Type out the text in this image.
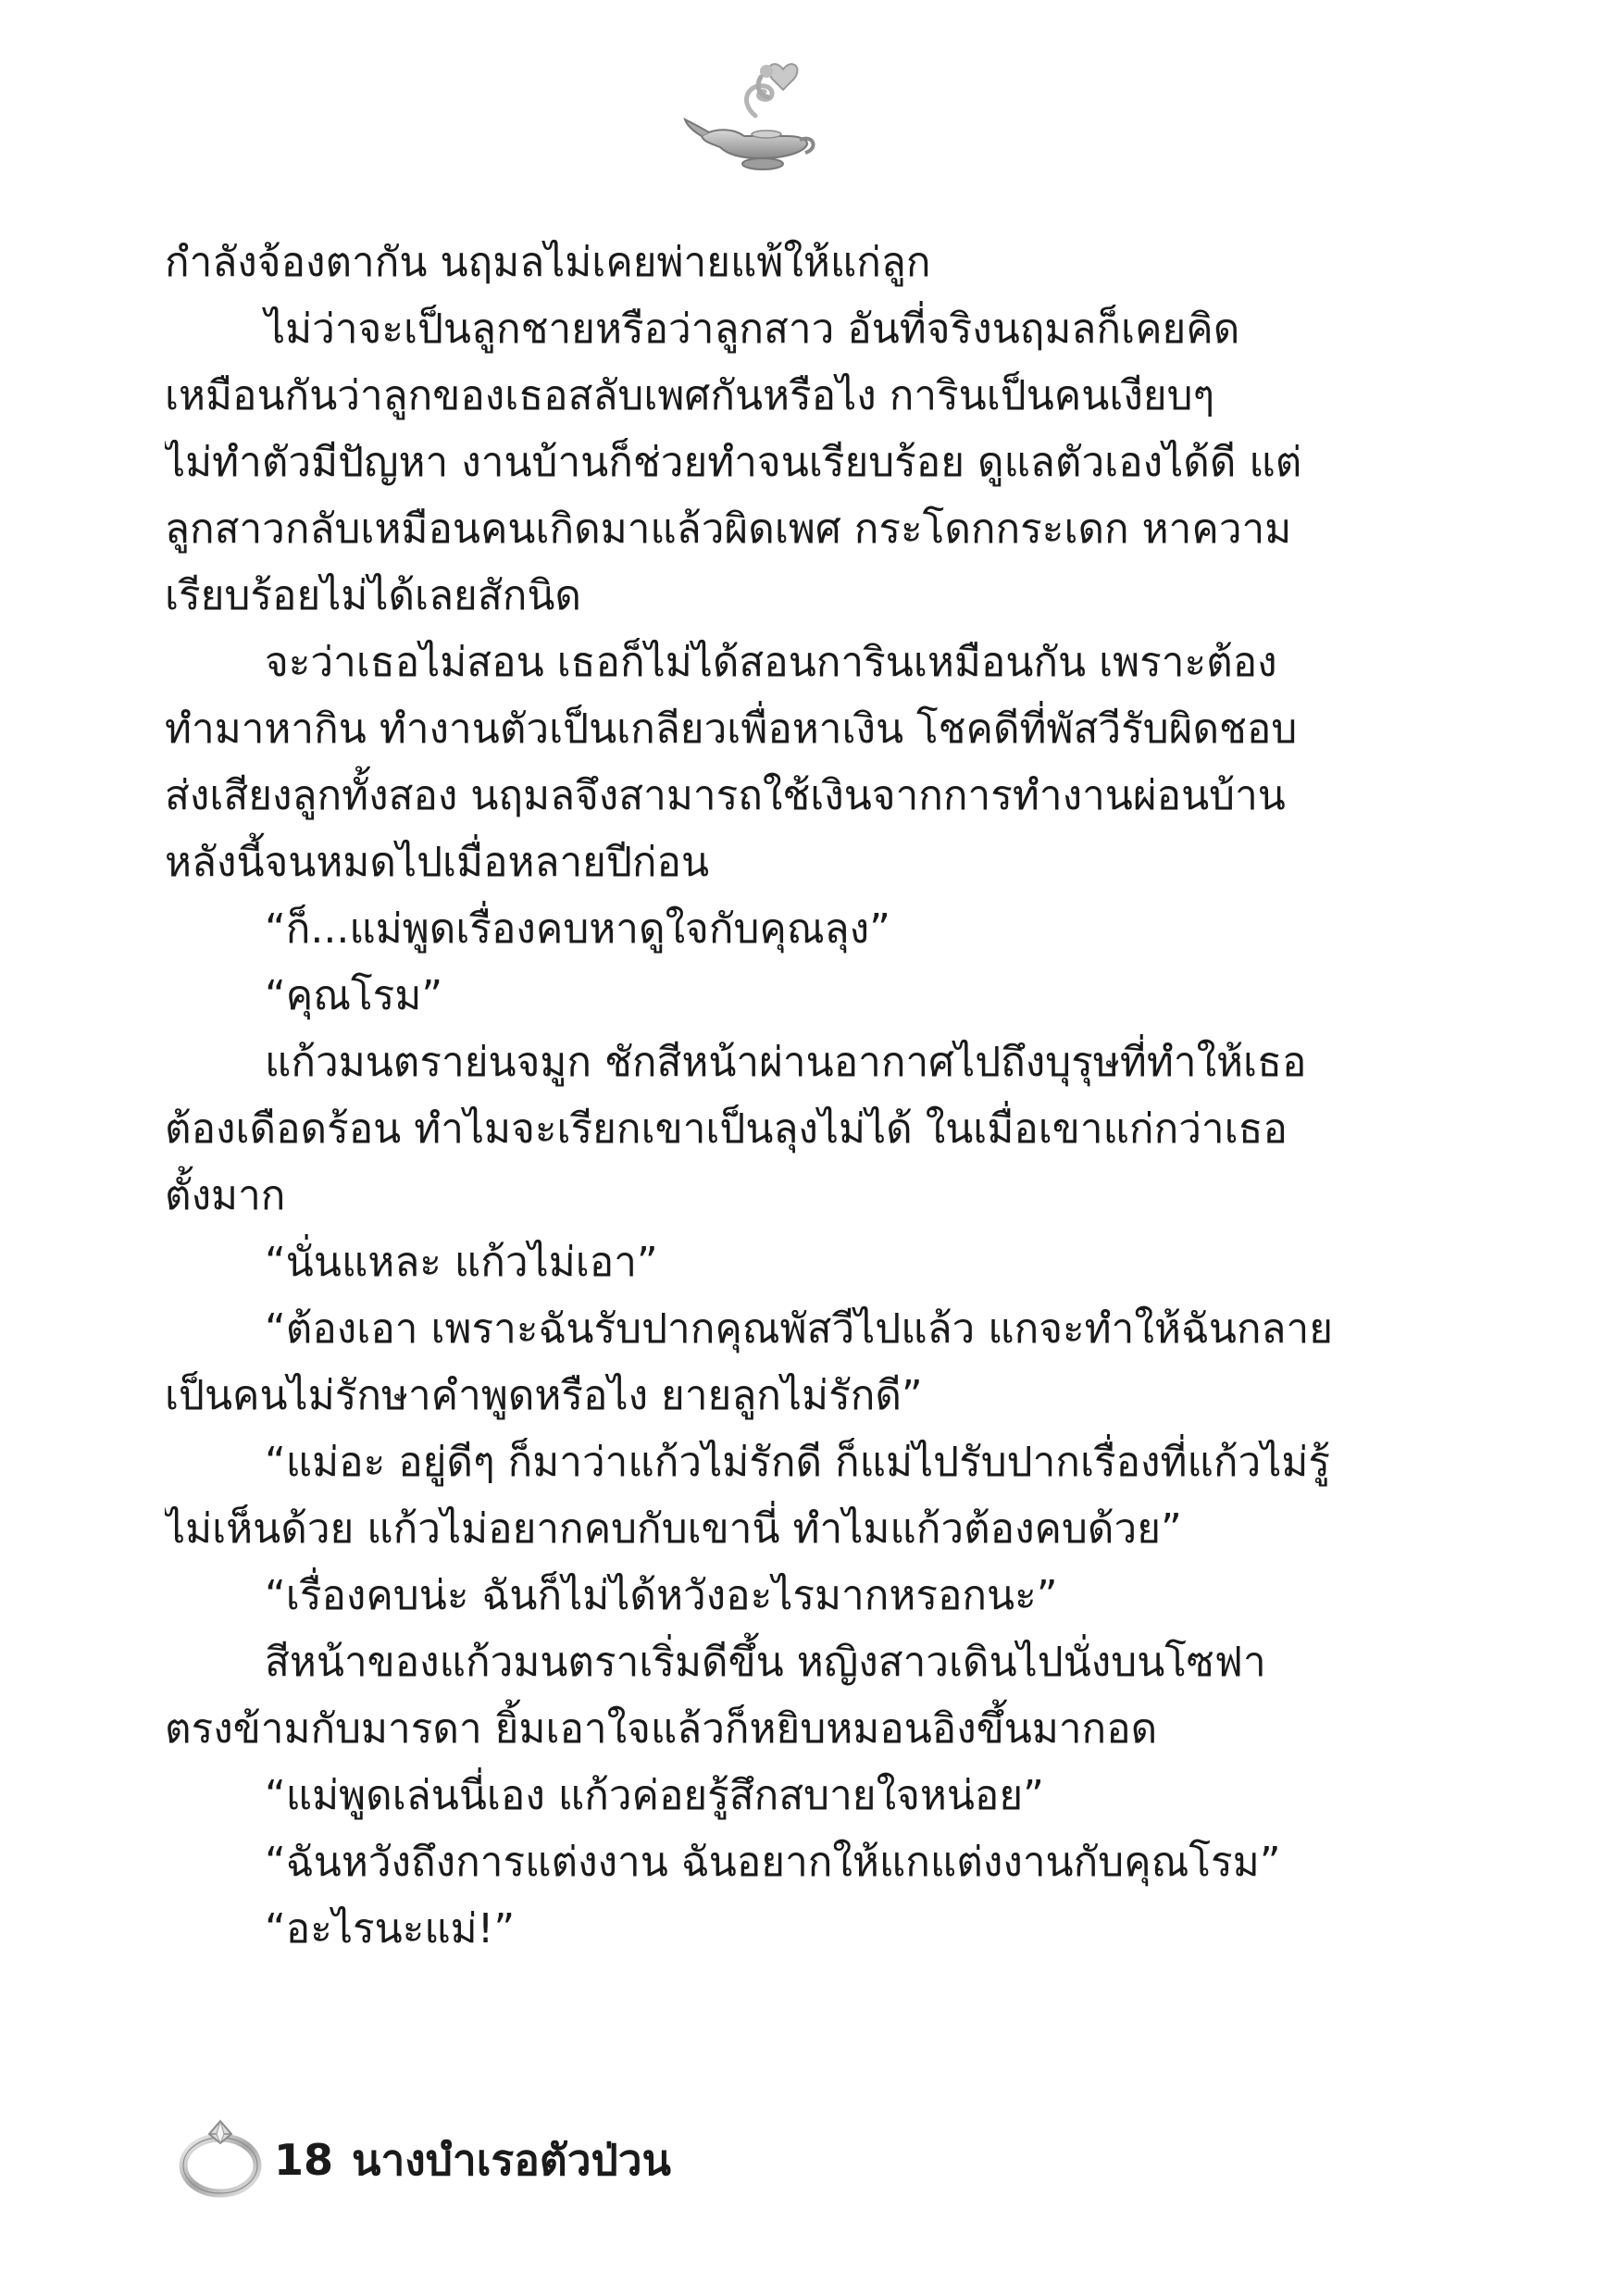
กำลังจ้องตากัน นฤมลไม่เคยพ่ายแพ้ให้แก่ลูก
ไม่ว่าจะเป็นลูกชายหรือว่าลูกสาว อันที่จริงนฤมลก็เคยคิด
เหมือนกันว่าลูกของเธอสลับเพศกันหรือไง การินเป็นคนเงียบๆ
ไม่ทำตัวมีปัญหา งานบ้านก็ช่วยทำจนเรียบร้อย ดูแลตัวเองได้ดี แต่
ลูกสาวกลับเหมือนคนเกิดมาแล้วผิดเพศ กระโดกกระเดก หาความ
เรียบร้อยไม่ได้เลยสักนิด
จะว่าเธอไม่สอน เธอก็ไม่ได้สอนการินเหมือนกัน เพราะต้อง
ทำมาหากิน ทำงานตัวเป็นเกลียวเพื่อหาเงิน โชคดีที่พัสวีรับผิดชอบ
ส่งเสียงลูกทั้งสอง นฤมลจึงสามารถใช้เงินจากการทำงานผ่อนบ้าน
หลังนี้จนหมดไปเมื่อหลายปีก่อน
“ก็...แม่พูดเรื่องคบหาดูใจกับคุณลุง”
“คุณโรม”
แก้วมนตราย่นจมูก ชักสีหน้าผ่านอากาศไปถึงบุรุษที่ทำให้เธอ
ต้องเดือดร้อน ทำไมจะเรียกเขาเป็นลุงไม่ได้ ในเมื่อเขาแก่กว่าเธอ
ตั้งมาก
“นั่นแหละ แก้วไม่เอา”
“ต้องเอา เพราะฉันรับปากคุณพัสวีไปแล้ว แกจะทำให้ฉันกลาย
เป็นคนไม่รักษาคำพูดหรือไง ยายลูกไม่รักดี”
“แม่อะ อยู่ดีๆ ก็มาว่าแก้วไม่รักดี ก็แม่ไปรับปากเรื่องที่แก้วไม่รู้
ไม่เห็นด้วย แก้วไม่อยากคบกับเขานี่ ทำไมแก้วต้องคบด้วย”
“เรื่องคบน่ะ ฉันก็ไม่ได้หวังอะไรมากหรอกนะ”
สีหน้าของแก้วมนตราเริ่มดีขึ้น หญิงสาวเดินไปนั่งบนโซฟา
ตรงข้ามกับมารดา ยิ้มเอาใจแล้วก็หยิบหมอนอิงขึ้นมากอด
“แม่พูดเล่นนี่เอง แก้วค่อยรู้สึกสบายใจหน่อย”
“ฉันหวังถึงการแต่งงาน ฉันอยากให้แกแต่งงานกับคุณโรม”
“อะไรนะแม่!”
18 นางบำเรอตัวป่วน
